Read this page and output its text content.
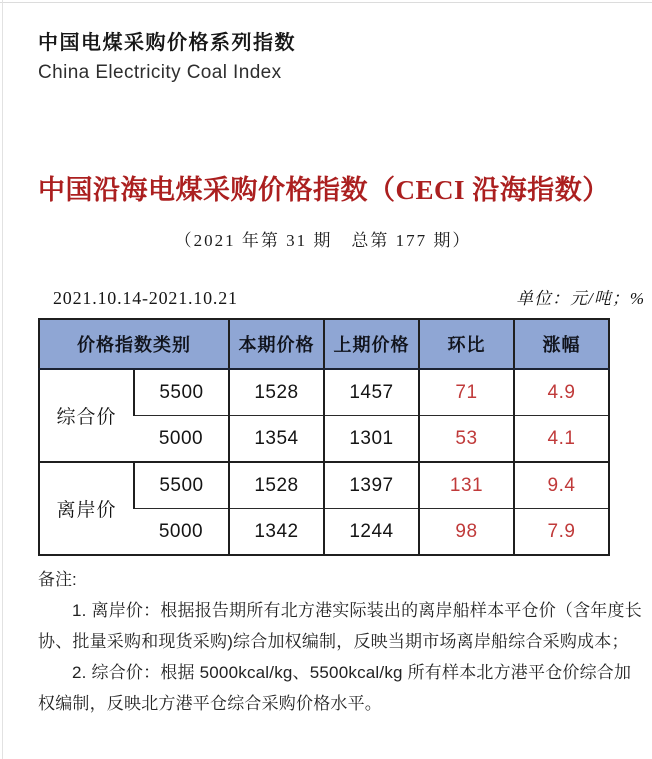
中国电煤采购价格系列指数
China Electricity Coal Index
中国沿海电煤采购价格指数（CECI 沿海指数）
（2021 年第 31 期　总第 177 期）
2021.10.14-2021.10.21	单位：元/吨；%
价格指数类别		本期价格	上期价格	环比	涨幅
综合价	5500	1528	1457	71	4.9
	5000	1354	1301	53	4.1
离岸价	5500	1528	1397	131	9.4
	5000	1342	1244	98	7.9

备注:

1. 离岸价：根据报告期所有北方港实际装出的离岸船样本平仓价（含年度长协、批量采购和现货采购)综合加权编制，反映当期市场离岸船综合采购成本；

2. 综合价：根据 5000kcal/kg、5500kcal/kg 所有样本北方港平仓价综合加权编制，反映北方港平仓综合采购价格水平。
